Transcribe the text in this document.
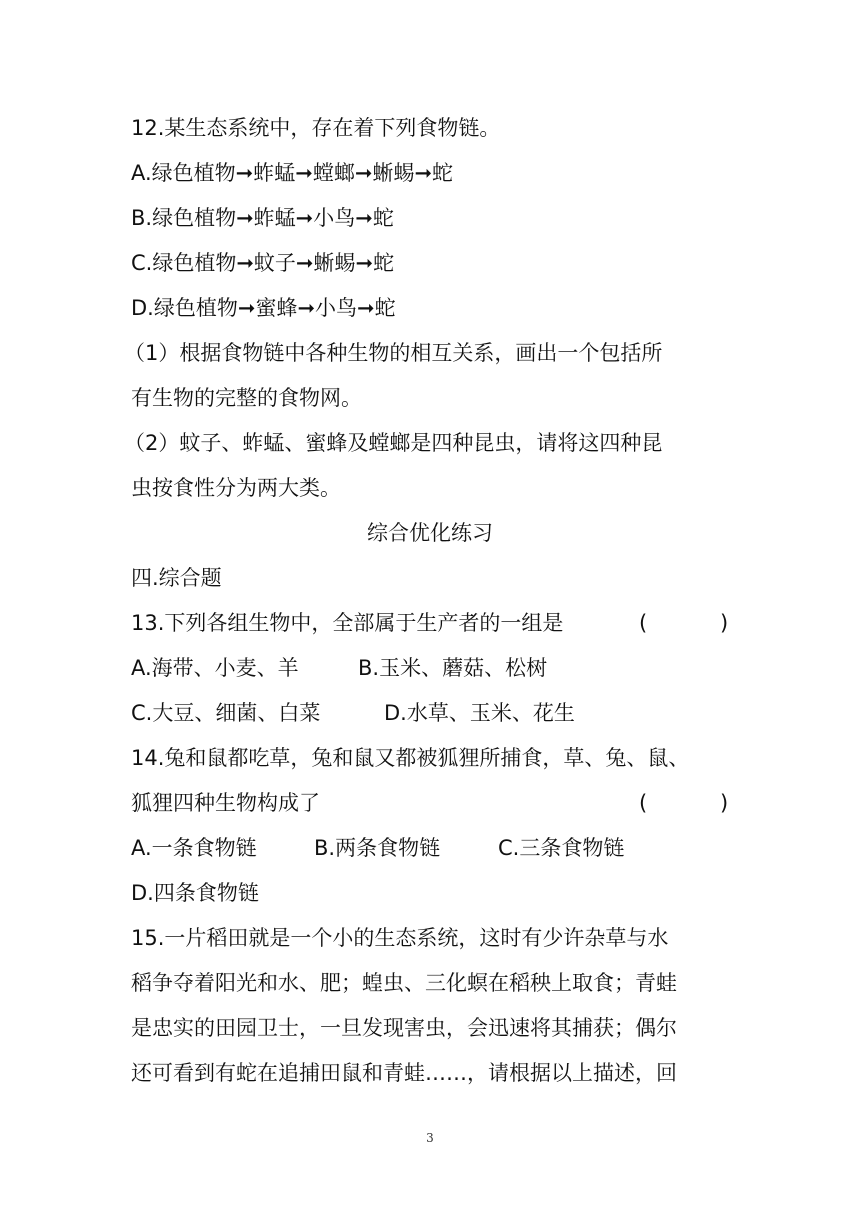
12.某生态系统中，存在着下列食物链。
A.绿色植物➞蚱蜢➞螳螂➞蜥蜴➞蛇
B.绿色植物➞蚱蜢➞小鸟➞蛇
C.绿色植物➞蚊子➞蜥蜴➞蛇
D.绿色植物➞蜜蜂➞小鸟➞蛇
（1）根据食物链中各种生物的相互关系，画出一个包括所
有生物的完整的食物网。
（2）蚊子、蚱蜢、蜜蜂及螳螂是四种昆虫，请将这四种昆
虫按食性分为两大类。
综合优化练习
四.综合题
13.下列各组生物中，全部属于生产者的一组是	(	)
A.海带、小麦、羊	B.玉米、蘑菇、松树
C.大豆、细菌、白菜	D.水草、玉米、花生
14.兔和鼠都吃草，兔和鼠又都被狐狸所捕食，草、兔、鼠、
狐狸四种生物构成了	(	)
A.一条食物链	B.两条食物链	C.三条食物链
D.四条食物链
15.一片稻田就是一个小的生态系统，这时有少许杂草与水
稻争夺着阳光和水、肥；蝗虫、三化螟在稻秧上取食；青蛙
是忠实的田园卫士，一旦发现害虫，会迅速将其捕获；偶尔
还可看到有蛇在追捕田鼠和青蛙……，请根据以上描述，回
3
